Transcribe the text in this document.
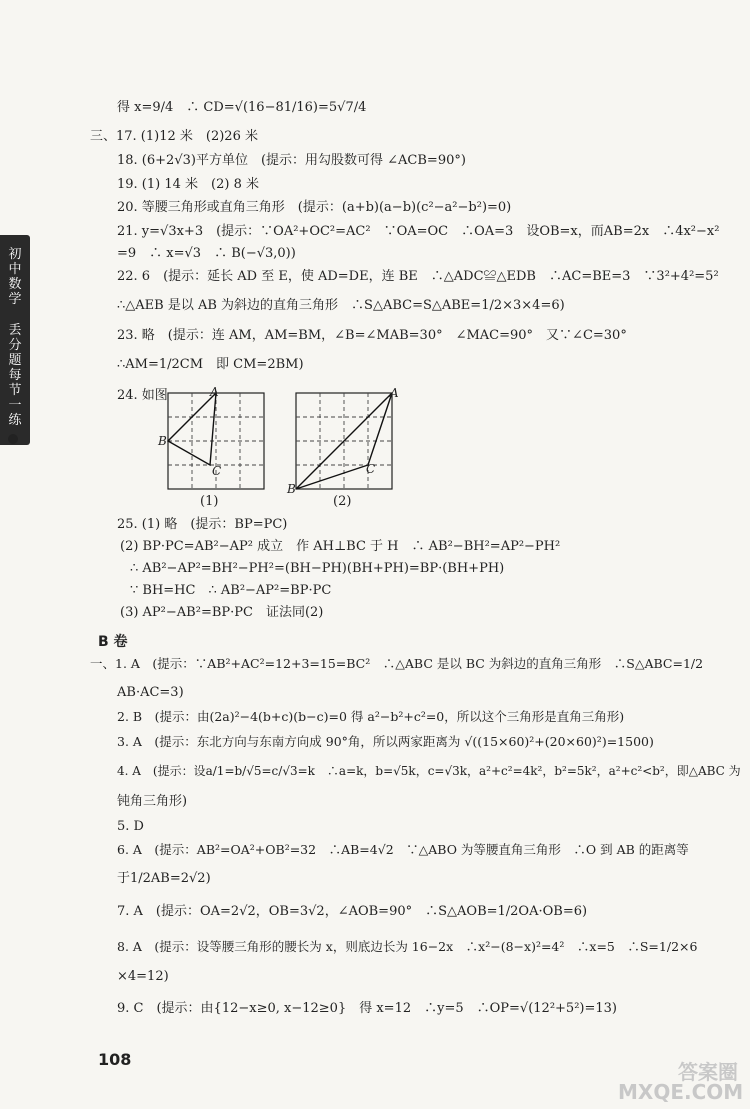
初中数学
丢分题每节一练
得 x=9/4　∴ CD=√(16−81/16)=5√7/4
三、17. (1)12 米　(2)26 米
18. (6+2√3)平方单位　(提示：用勾股数可得 ∠ACB=90°)
19. (1) 14 米　(2) 8 米
20. 等腰三角形或直角三角形　(提示：(a+b)(a−b)(c²−a²−b²)=0)
21. y=√3x+3　(提示：∵OA²+OC²=AC²　∵OA=OC　∴OA=3　设OB=x，而AB=2x　∴4x²−x²
=9　∴ x=√3　∴ B(−√3,0))
22. 6　(提示：延长 AD 至 E，使 AD=DE，连 BE　∴△ADC≌△EDB　∴AC=BE=3　∵3²+4²=5²
∴△AEB 是以 AB 为斜边的直角三角形　∴S△ABC=S△ABE=1/2×3×4=6)
23. 略　(提示：连 AM，AM=BM，∠B=∠MAB=30°　∠MAC=90°　又∵∠C=30°
∴AM=1/2CM　即 CM=2BM)
24. 如图
25. (1) 略　(提示：BP=PC)
(2) BP·PC=AB²−AP² 成立　作 AH⊥BC 于 H　∴ AB²−BH²=AP²−PH²
∴ AB²−AP²=BH²−PH²=(BH−PH)(BH+PH)=BP·(BH+PH)
∵ BH=HC　∴ AB²−AP²=BP·PC
(3) AP²−AB²=BP·PC　证法同(2)
B 卷
一、1. A　(提示：∵AB²+AC²=12+3=15=BC²　∴△ABC 是以 BC 为斜边的直角三角形　∴S△ABC=1/2
AB·AC=3)
2. B　(提示：由(2a)²−4(b+c)(b−c)=0 得 a²−b²+c²=0，所以这个三角形是直角三角形)
3. A　(提示：东北方向与东南方向成 90°角，所以两家距离为 √((15×60)²+(20×60)²)=1500)
4. A　(提示：设a/1=b/√5=c/√3=k　∴a=k，b=√5k，c=√3k，a²+c²=4k²，b²=5k²，a²+c²<b²，即△ABC 为
钝角三角形)
5. D
6. A　(提示：AB²=OA²+OB²=32　∴AB=4√2　∵△ABO 为等腰直角三角形　∴O 到 AB 的距离等
于1/2AB=2√2)
7. A　(提示：OA=2√2，OB=3√2，∠AOB=90°　∴S△AOB=1/2OA·OB=6)
8. A　(提示：设等腰三角形的腰长为 x，则底边长为 16−2x　∴x²−(8−x)²=4²　∴x=5　∴S=1/2×6
×4=12)
9. C　(提示：由{12−x≥0, x−12≥0}　得 x=12　∴y=5　∴OP=√(12²+5²)=13)
A
B
C
(1)
A
B
C
(2)
108
答案圈 MXQE.COM
